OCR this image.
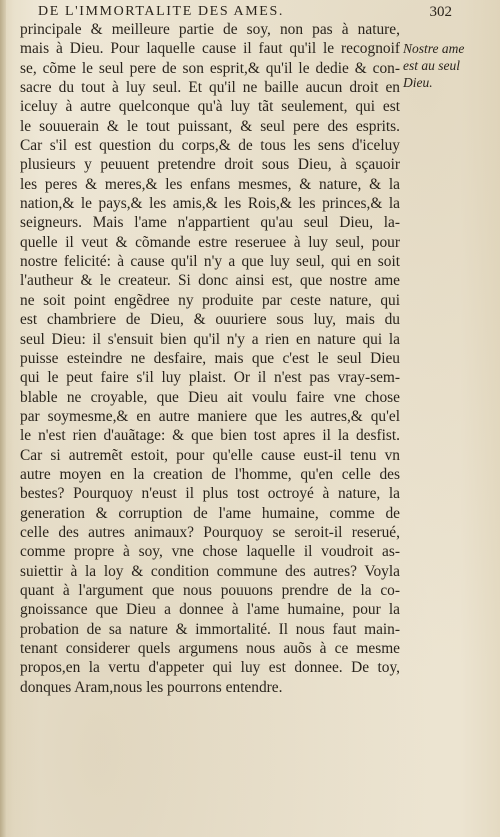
DE L'IMMORTALITE DES AMES.	302
principale & meilleure partie de soy, non pas à nature,
mais à Dieu. Pour laquelle cause il faut qu'il le recognoif
se, cõme le seul pere de son esprit,& qu'il le dedie & con-
sacre du tout à luy seul. Et qu'il ne baille aucun droit en
iceluy à autre quelconque qu'à luy tãt seulement, qui est
le souuerain & le tout puissant, & seul pere des esprits.
Car s'il est question du corps,& de tous les sens d'iceluy
plusieurs y peuuent pretendre droit sous Dieu, à sçauoir
les peres & meres,& les enfans mesmes, & nature, & la
nation,& le pays,& les amis,& les Rois,& les princes,& la
seigneurs. Mais l'ame n'appartient qu'au seul Dieu, la-
quelle il veut & cõmande estre reseruee à luy seul, pour
nostre felicité: à cause qu'il n'y a que luy seul, qui en soit
l'autheur & le createur. Si donc ainsi est, que nostre ame
ne soit point engẽdree ny produite par ceste nature, qui
est chambriere de Dieu, & ouuriere sous luy, mais du
seul Dieu: il s'ensuit bien qu'il n'y a rien en nature qui la
puisse esteindre ne desfaire, mais que c'est le seul Dieu
qui le peut faire s'il luy plaist. Or il n'est pas vray-sem-
blable ne croyable, que Dieu ait voulu faire vne chose
par soymesme,& en autre maniere que les autres,& qu'el
le n'est rien d'auãtage: & que bien tost apres il la desfist.
Car si autremẽt estoit, pour qu'elle cause eust-il tenu vn
autre moyen en la creation de l'homme, qu'en celle des
bestes? Pourquoy n'eust il plus tost octroyé à nature, la
generation & corruption de l'ame humaine, comme de
celle des autres animaux? Pourquoy se seroit-il reserué,
comme propre à soy, vne chose laquelle il voudroit as-
suiettir à la loy & condition commune des autres? Voyla
quant à l'argument que nous pouuons prendre de la co-
gnoissance que Dieu a donnee à l'ame humaine, pour la
probation de sa nature & immortalité. Il nous faut main-
tenant considerer quels argumens nous auõs à ce mesme
propos,en la vertu d'appeter qui luy est donnee. De toy,
donques Aram,nous les pourrons entendre.
Nostre ame
est au seul
Dieu.
